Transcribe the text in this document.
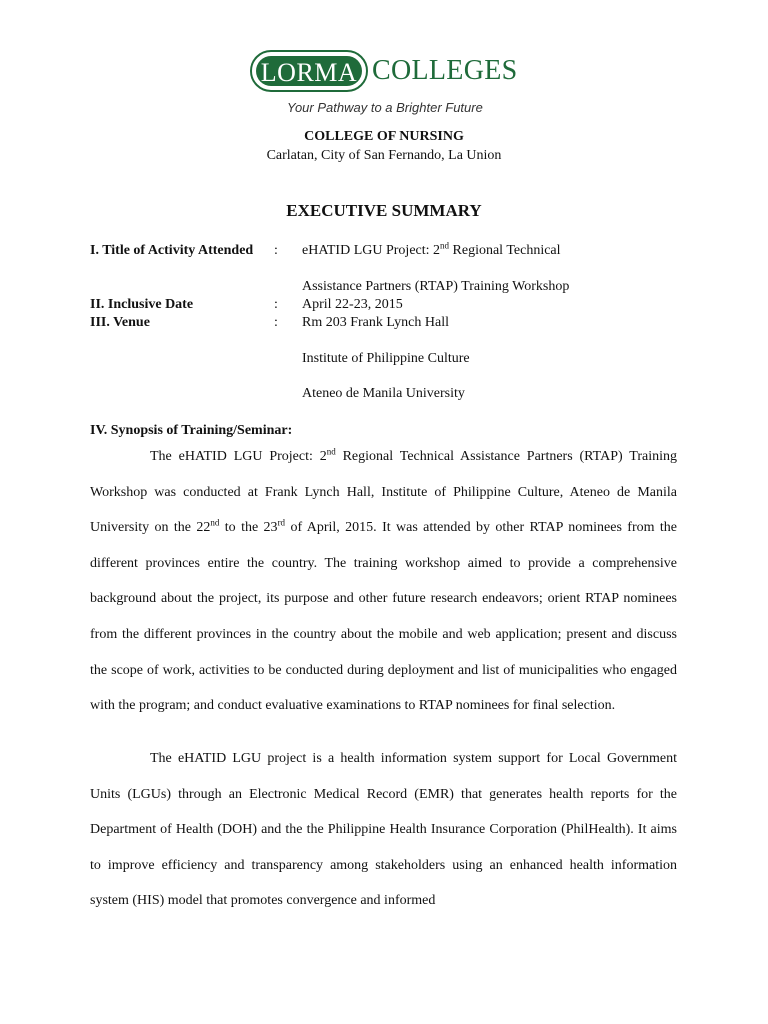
LORMA COLLEGES
Your Pathway to a Brighter Future
COLLEGE OF NURSING
Carlatan, City of San Fernando, La Union
EXECUTIVE SUMMARY
I. Title of Activity Attended : eHATID LGU Project: 2nd Regional Technical
Assistance Partners (RTAP) Training Workshop
II. Inclusive Date	: April 22-23, 2015
III. Venue	: Rm 203 Frank Lynch Hall
Institute of Philippine Culture
Ateneo de Manila University
IV. Synopsis of Training/Seminar:

The eHATID LGU Project: 2nd Regional Technical Assistance Partners (RTAP) Training Workshop was conducted at Frank Lynch Hall, Institute of Philippine Culture, Ateneo de Manila University on the 22nd to the 23rd of April, 2015. It was attended by other RTAP nominees from the different provinces entire the country. The training workshop aimed to provide a comprehensive background about the project, its purpose and other future research endeavors; orient RTAP nominees from the different provinces in the country about the mobile and web application; present and discuss the scope of work, activities to be conducted during deployment and list of municipalities who engaged with the program; and conduct evaluative examinations to RTAP nominees for final selection.

The eHATID LGU project is a health information system support for Local Government Units (LGUs) through an Electronic Medical Record (EMR) that generates health reports for the Department of Health (DOH) and the the Philippine Health Insurance Corporation (PhilHealth). It aims to improve efficiency and transparency among stakeholders using an enhanced health information system (HIS) model that promotes convergence and informed
